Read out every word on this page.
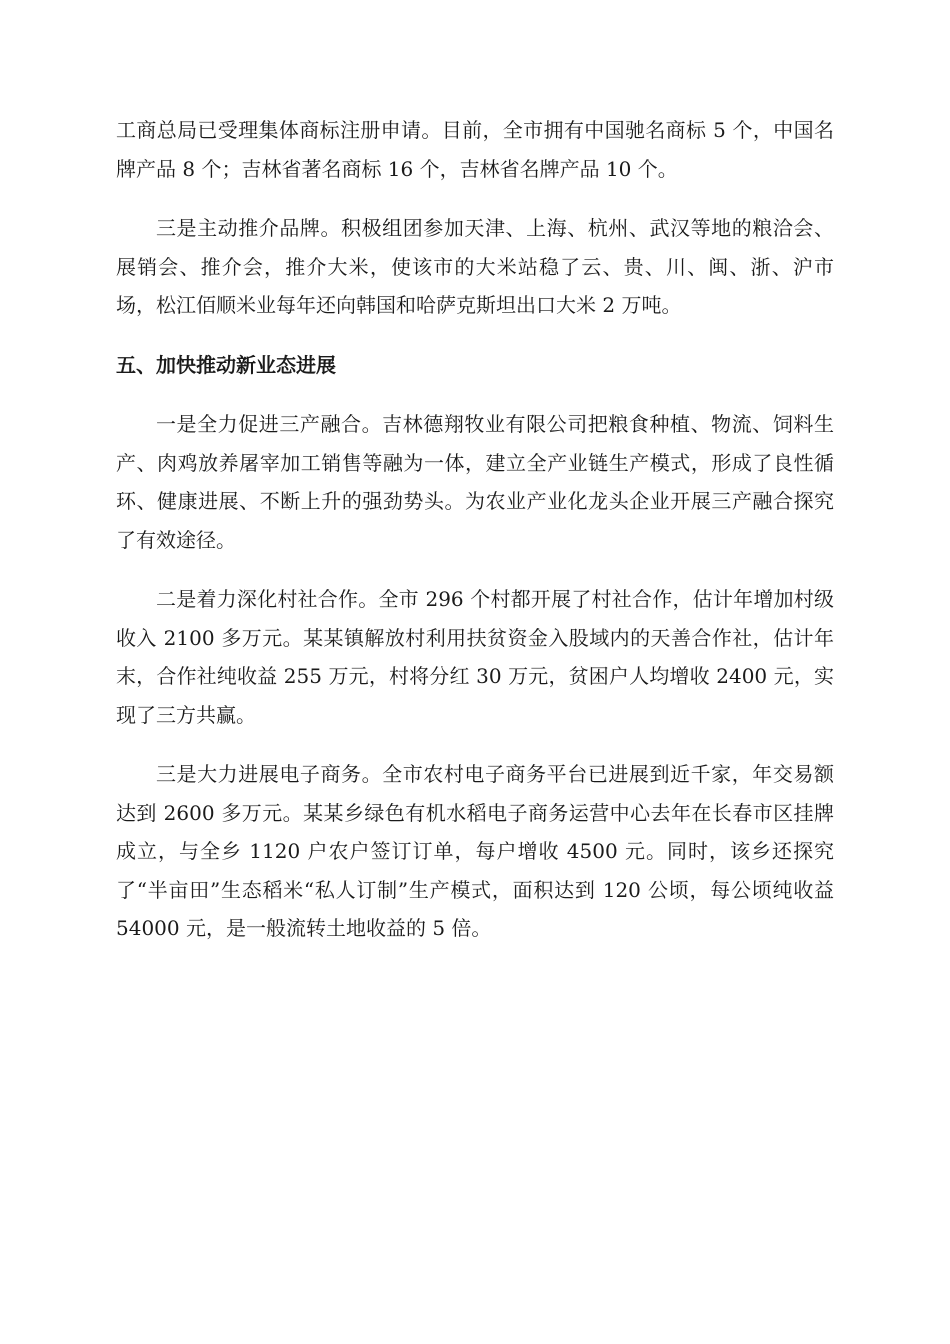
工商总局已受理集体商标注册申请。目前，全市拥有中国驰名商标 5 个，中国名牌产品 8 个；吉林省著名商标 16 个，吉林省名牌产品 10 个。

三是主动推介品牌。积极组团参加天津、上海、杭州、武汉等地的粮洽会、展销会、推介会，推介大米，使该市的大米站稳了云、贵、川、闽、浙、沪市场，松江佰顺米业每年还向韩国和哈萨克斯坦出口大米 2 万吨。

五、加快推动新业态进展

一是全力促进三产融合。吉林德翔牧业有限公司把粮食种植、物流、饲料生产、肉鸡放养屠宰加工销售等融为一体，建立全产业链生产模式，形成了良性循环、健康进展、不断上升的强劲势头。为农业产业化龙头企业开展三产融合探究了有效途径。

二是着力深化村社合作。全市 296 个村都开展了村社合作，估计年增加村级收入 2100 多万元。某某镇解放村利用扶贫资金入股域内的天善合作社，估计年末，合作社纯收益 255 万元，村将分红 30 万元，贫困户人均增收 2400 元，实现了三方共赢。

三是大力进展电子商务。全市农村电子商务平台已进展到近千家，年交易额达到 2600 多万元。某某乡绿色有机水稻电子商务运营中心去年在长春市区挂牌成立，与全乡 1120 户农户签订订单，每户增收 4500 元。同时，该乡还探究了“半亩田”生态稻米“私人订制”生产模式，面积达到 120 公顷，每公顷纯收益 54000 元，是一般流转土地收益的 5 倍。
